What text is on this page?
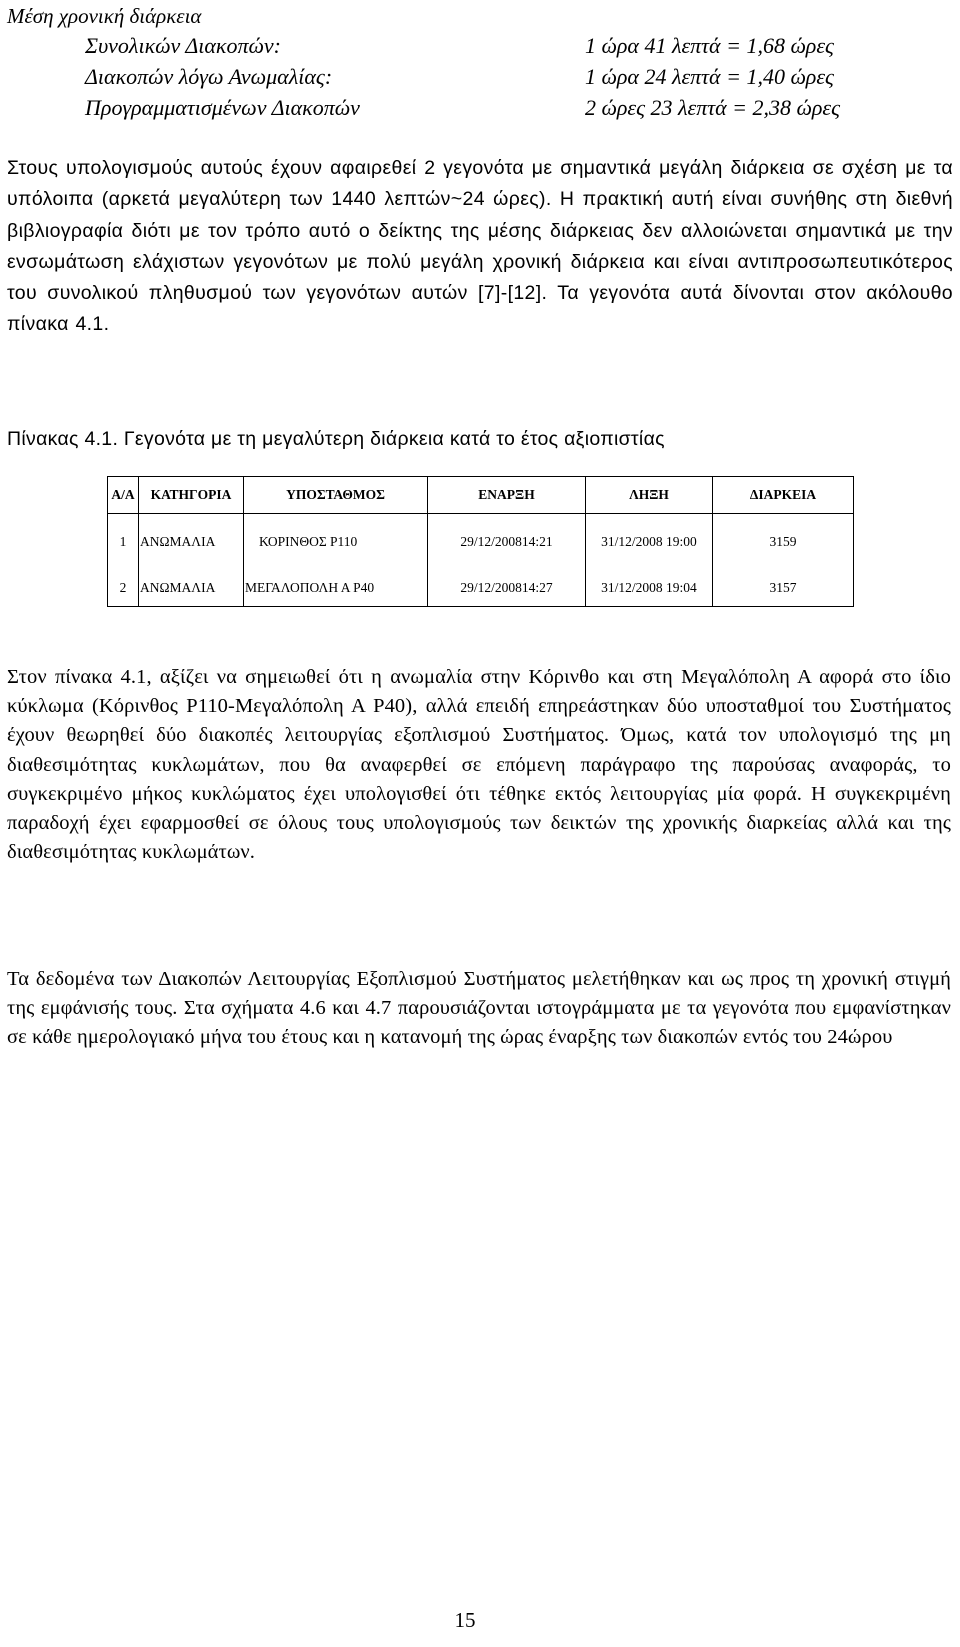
Μέση χρονική διάρκεια
Συνολικών Διακοπών:	1 ώρα 41 λεπτά = 1,68 ώρες
Διακοπών λόγω Ανωμαλίας:	1 ώρα 24 λεπτά = 1,40 ώρες
Προγραμματισμένων Διακοπών	2 ώρες 23 λεπτά = 2,38 ώρες

Στους υπολογισμούς αυτούς έχουν αφαιρεθεί 2 γεγονότα με σημαντικά μεγάλη διάρκεια σε σχέση με τα υπόλοιπα (αρκετά μεγαλύτερη των 1440 λεπτών~24 ώρες). Η πρακτική αυτή είναι συνήθης στη διεθνή βιβλιογραφία διότι με τον τρόπο αυτό ο δείκτης της μέσης διάρκειας δεν αλλοιώνεται σημαντικά με την ενσωμάτωση ελάχιστων γεγονότων με πολύ μεγάλη χρονική διάρκεια και είναι αντιπροσωπευτικότερος του συνολικού πληθυσμού των γεγονότων αυτών [7]-[12]. Τα γεγονότα αυτά δίνονται στον ακόλουθο πίνακα 4.1.

Πίνακας 4.1. Γεγονότα με τη μεγαλύτερη διάρκεια κατά το έτος αξιοπιστίας
Α/Α	ΚΑΤΗΓΟΡΙΑ	ΥΠΟΣΤΑΘΜΟΣ	ΕΝΑΡΞΗ	ΛΗΞΗ	ΔΙΑΡΚΕΙΑ

1	ΑΝΩΜΑΛΙΑ	ΚΟΡΙΝΘΟΣ Ρ110	29/12/200814:21	31/12/2008 19:00	3159

2	ΑΝΩΜΑΛΙΑ	ΜΕΓΑΛΟΠΟΛΗ Α Ρ40	29/12/200814:27	31/12/2008 19:04	3157

Στον πίνακα 4.1, αξίζει να σημειωθεί ότι η ανωμαλία στην Κόρινθο και στη Μεγαλόπολη Α αφορά στο ίδιο κύκλωμα (Κόρινθος Ρ110-Μεγαλόπολη Α Ρ40), αλλά επειδή επηρεάστηκαν δύο υποσταθμοί του Συστήματος έχουν θεωρηθεί δύο διακοπές λειτουργίας εξοπλισμού Συστήματος. Όμως, κατά τον υπολογισμό της μη διαθεσιμότητας κυκλωμάτων, που θα αναφερθεί σε επόμενη παράγραφο της παρούσας αναφοράς, το συγκεκριμένο μήκος κυκλώματος έχει υπολογισθεί ότι τέθηκε εκτός λειτουργίας μία φορά. Η συγκεκριμένη παραδοχή έχει εφαρμοσθεί σε όλους τους υπολογισμούς των δεικτών της χρονικής διαρκείας αλλά και της διαθεσιμότητας κυκλωμάτων.

Τα δεδομένα των Διακοπών Λειτουργίας Εξοπλισμού Συστήματος μελετήθηκαν και ως προς τη χρονική στιγμή της εμφάνισής τους. Στα σχήματα 4.6 και 4.7 παρουσιάζονται ιστογράμματα με τα γεγονότα που εμφανίστηκαν σε κάθε ημερολογιακό μήνα του έτους και η κατανομή της ώρας έναρξης των διακοπών εντός του 24ώρου

15
